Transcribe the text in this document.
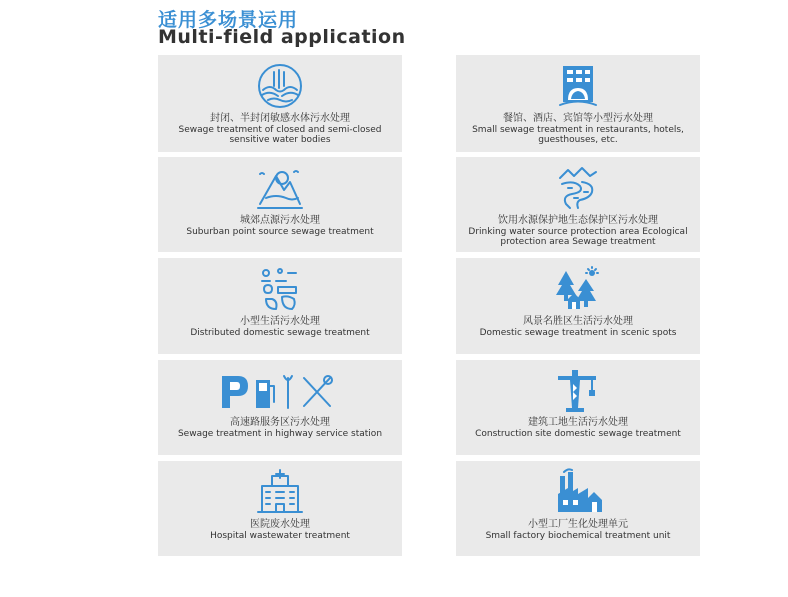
适用多场景运用
Multi-field application
封闭、半封闭敏感水体污水处理
Sewage treatment of closed and semi-closed sensitive water bodies
餐馆、酒店、宾馆等小型污水处理
Small sewage treatment in restaurants, hotels, guesthouses, etc.
城郊点源污水处理
Suburban point source sewage treatment
饮用水源保护地生态保护区污水处理
Drinking water source protection area Ecological protection area Sewage treatment
小型生活污水处理
Distributed domestic sewage treatment
风景名胜区生活污水处理
Domestic sewage treatment in scenic spots
高速路服务区污水处理
Sewage treatment in highway service station
建筑工地生活污水处理
Construction site domestic sewage treatment
医院废水处理
Hospital wastewater treatment
小型工厂生化处理单元
Small factory biochemical treatment unit
